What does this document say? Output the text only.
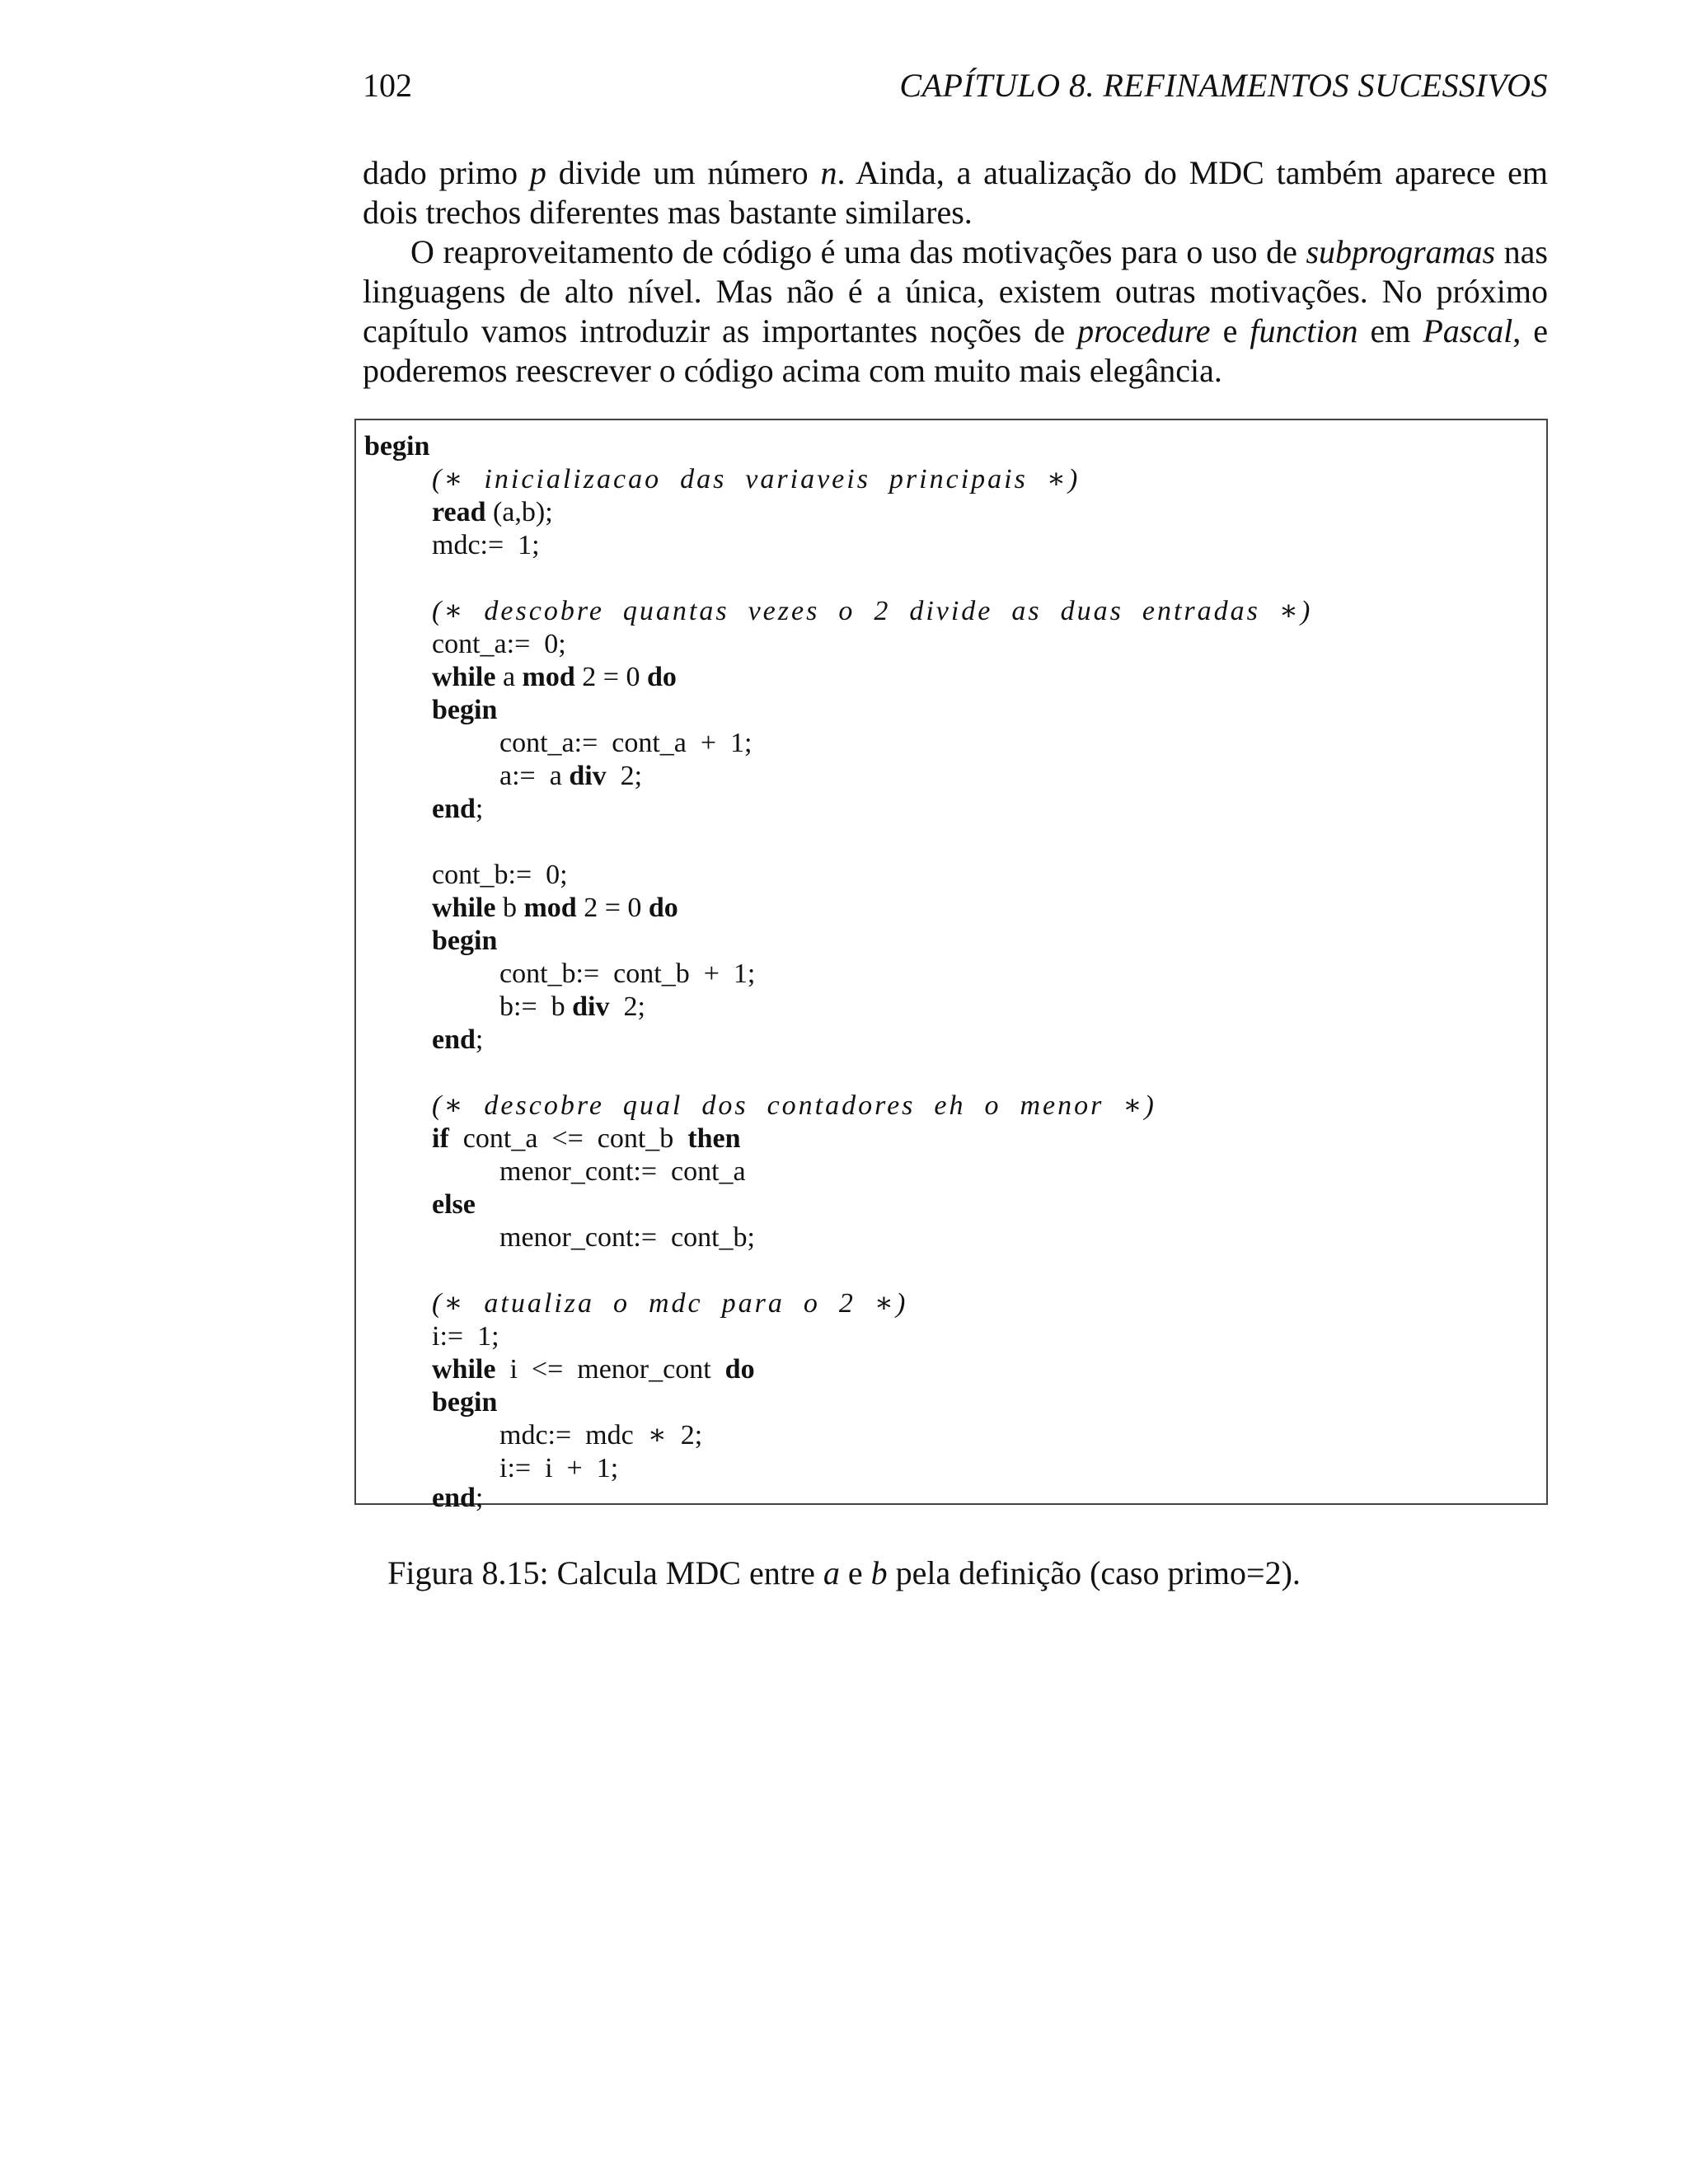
102	CAPÍTULO 8. REFINAMENTOS SUCESSIVOS

dado primo p divide um número n. Ainda, a atualização do MDC também aparece em dois trechos diferentes mas bastante similares.

O reaproveitamento de código é uma das motivações para o uso de subprogramas nas linguagens de alto nível. Mas não é a única, existem outras motivações. No próximo capítulo vamos introduzir as importantes noções de procedure e function em Pascal, e poderemos reescrever o código acima com muito mais elegância.

begin
(∗  inicializacao  das  variaveis  principais  ∗)
read (a,b);
mdc:=  1;
(∗  descobre  quantas  vezes  o  2  divide  as  duas  entradas  ∗)
cont_a:=  0;
while a mod 2 = 0 do
begin
cont_a:=  cont_a  +  1;
a:=  a div  2;
end;
cont_b:=  0;
while b mod 2 = 0 do
begin
cont_b:=  cont_b  +  1;
b:=  b div  2;
end;
(∗  descobre  qual  dos  contadores  eh  o  menor  ∗)
if  cont_a  <=  cont_b  then
menor_cont:=  cont_a
else
menor_cont:=  cont_b;
(∗  atualiza  o  mdc  para  o  2  ∗)
i:=  1;
while  i  <=  menor_cont  do
begin
mdc:=  mdc  ∗  2;
i:=  i  +  1;
end;
Figura 8.15: Calcula MDC entre a e b pela definição (caso primo=2).
